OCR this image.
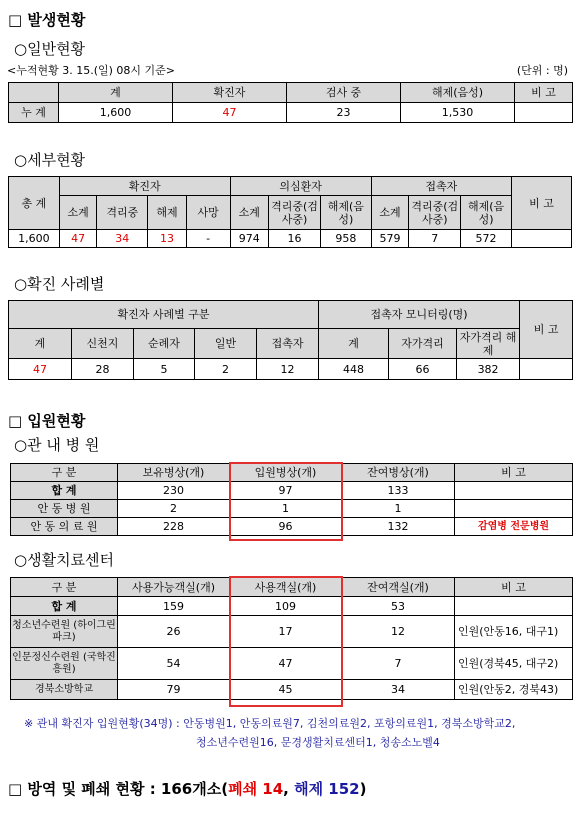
□ 발생현황
○일반현황
<누적현황 3. 15.(일) 08시 기준>	(단위 : 명)
	계	확진자	검사 중	해제(음성)	비 고
누 계	1,600	47	23	1,530	
○세부현황
총 계	확진자				의심환자			접촉자			비 고
	소계	격리중	해제	사망	소계	격리중(검사중)	해제(음성)	소계	격리중(검사중)	해제(음성)	
1,600	47	34	13	-	974	16	958	579	7	572	
○확진 사례별
확진자 사례별 구분					접촉자 모니터링(명)			비 고
계	신천지	순례자	일반	접촉자	계	자가격리	자가격리 해 제	
47	28	5	2	12	448	66	382	
□ 입원현황
○관 내 병 원
구 분	보유병상(개)	입원병상(개)	잔여병상(개)	비 고
합 계	230	97	133	
안 동 병 원	2	1	1	
안 동 의 료 원	228	96	132	감염병 전문병원
○생활치료센터
구 분	사용가능객실(개)	사용객실(개)	잔여객실(개)	비 고
합 계	159	109	53	
청소년수련원 (하이그린파크)	26	17	12	인원(안동16, 대구1)
인문정신수련원 (국학진흥원)	54	47	7	인원(경북45, 대구2)
경북소방학교	79	45	34	인원(안동2, 경북43)
※ 관내 확진자 입원현황(34명) : 안동병원1, 안동의료원7, 김천의료원2, 포항의료원1, 경북소방학교2,
청소년수련원16, 문경생활치료센터1, 청송소노벨4
□ 방역 및 폐쇄 현황 : 166개소(폐쇄 14, 해제 152)
